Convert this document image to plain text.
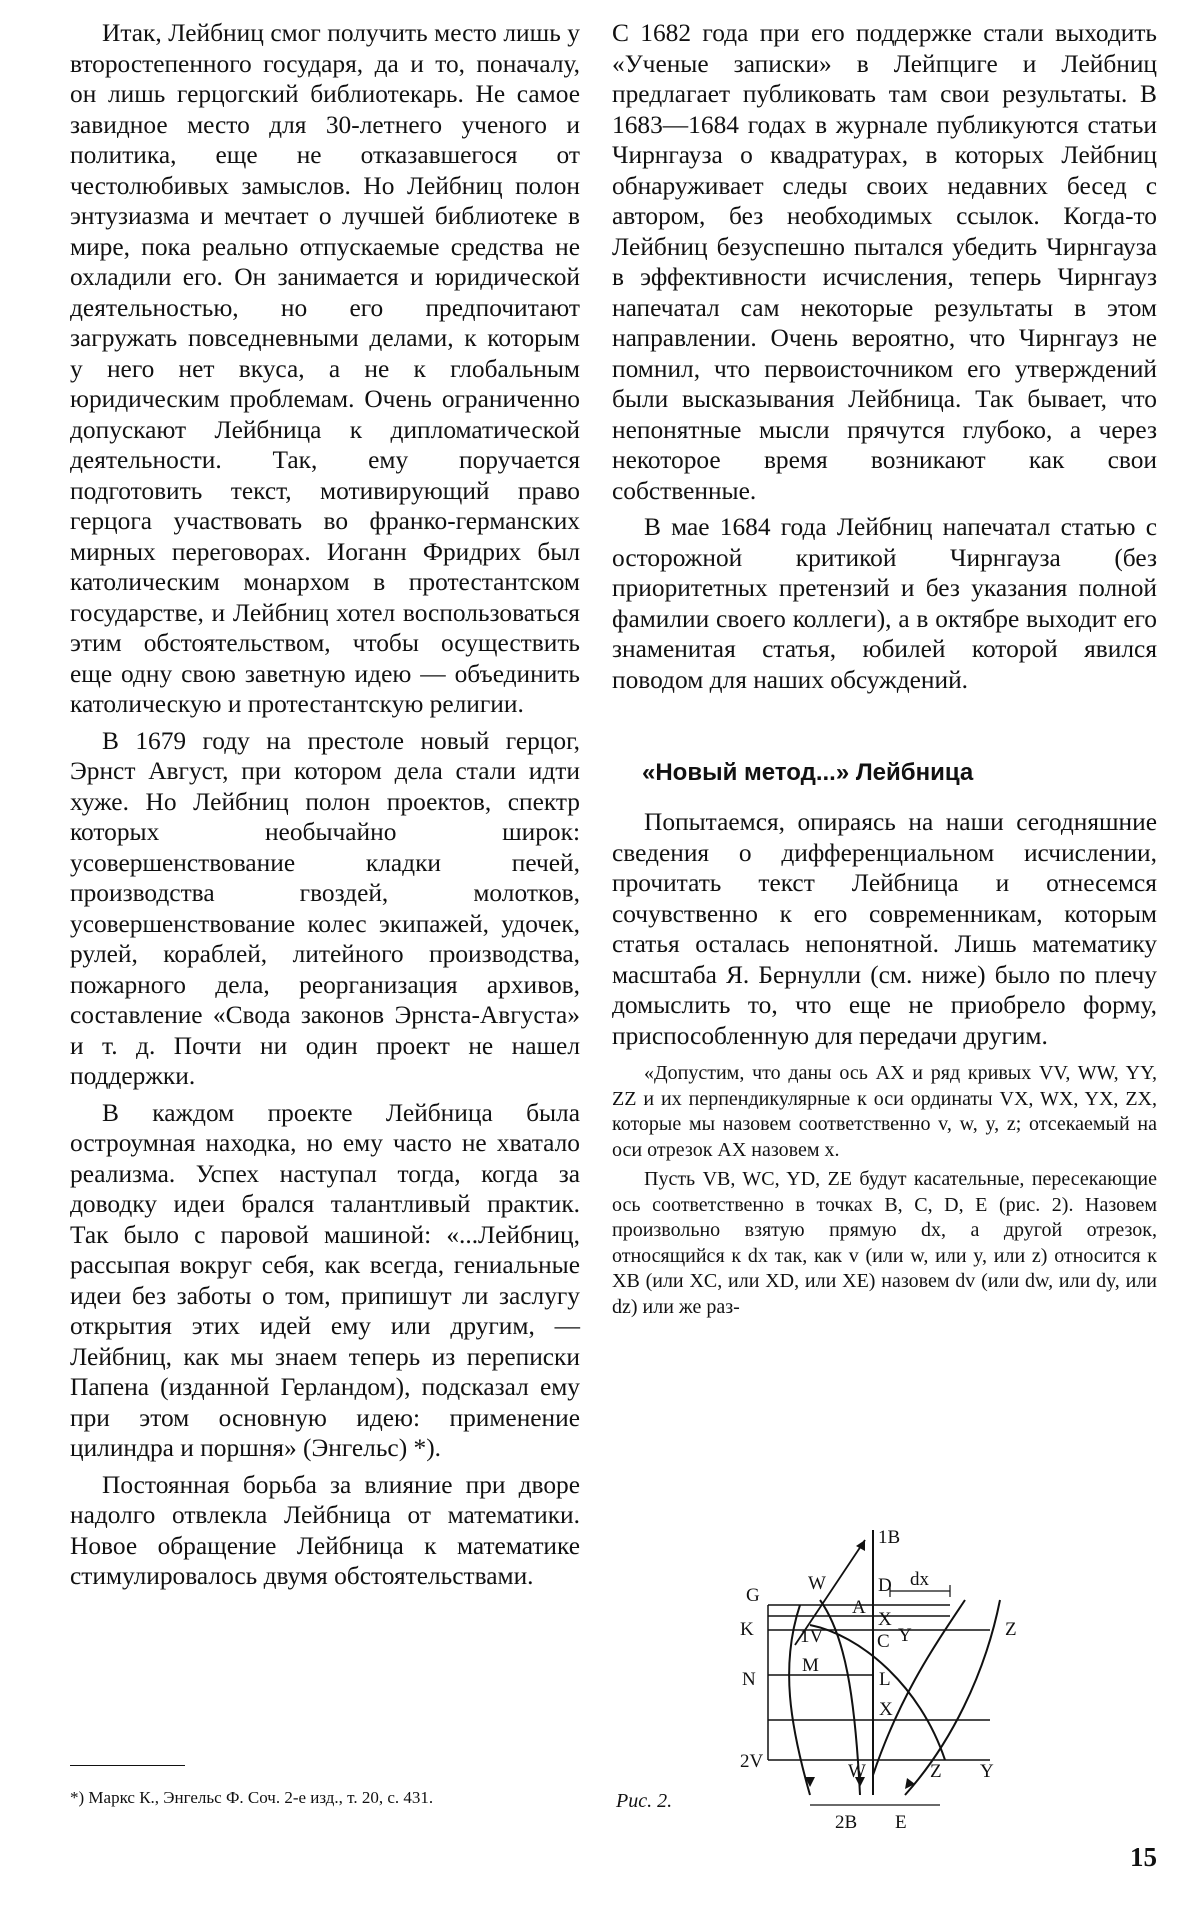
Итак, Лейбниц смог получить место лишь у второстепенного государя, да и то, поначалу, он лишь герцогский библиотекарь. Не самое завидное место для 30-летнего ученого и политика, еще не отказавшегося от честолюбивых замыслов. Но Лейбниц полон энтузиазма и мечтает о лучшей библиотеке в мире, пока реально отпускаемые средства не охладили его. Он занимается и юридической деятельностью, но его предпочитают загружать повседневными делами, к которым у него нет вкуса, а не к глобальным юридическим проблемам. Очень ограниченно допускают Лейбница к дипломатической деятельности. Так, ему поручается подготовить текст, мотивирующий право герцога участвовать во франко-германских мирных переговорах. Иоганн Фридрих был католическим монархом в протестантском государстве, и Лейбниц хотел воспользоваться этим обстоятельством, чтобы осуществить еще одну свою заветную идею — объединить католическую и протестантскую религии.

В 1679 году на престоле новый герцог, Эрнст Август, при котором дела стали идти хуже. Но Лейбниц полон проектов, спектр которых необычайно широк: усовершенствование кладки печей, производства гвоздей, молотков, усовершенствование колес экипажей, удочек, рулей, кораблей, литейного производства, пожарного дела, реорганизация архивов, составление «Свода законов Эрнста-Августа» и т. д. Почти ни один проект не нашел поддержки.

В каждом проекте Лейбница была остроумная находка, но ему часто не хватало реализма. Успех наступал тогда, когда за доводку идеи брался талантливый практик. Так было с паровой машиной: «...Лейбниц, рассыпая вокруг себя, как всегда, гениальные идеи без заботы о том, припишут ли заслугу открытия этих идей ему или другим, — Лейбниц, как мы знаем теперь из переписки Папена (изданной Герландом), подсказал ему при этом основную идею: применение цилиндра и поршня» (Энгельс) *).

Постоянная борьба за влияние при дворе надолго отвлекла Лейбница от математики. Новое обращение Лейбница к математике стимулировалось двумя обстоятельствами.

С 1682 года при его поддержке стали выходить «Ученые записки» в Лейпциге и Лейбниц предлагает публиковать там свои результаты. В 1683—1684 годах в журнале публикуются статьи Чирнгауза о квадратурах, в которых Лейбниц обнаруживает следы своих недавних бесед с автором, без необходимых ссылок. Когда-то Лейбниц безуспешно пытался убедить Чирнгауза в эффективности исчисления, теперь Чирнгауз напечатал сам некоторые результаты в этом направлении. Очень вероятно, что Чирнгауз не помнил, что первоисточником его утверждений были высказывания Лейбница. Так бывает, что непонятные мысли прячутся глубоко, а через некоторое время возникают как свои собственные.

В мае 1684 года Лейбниц напечатал статью с осторожной критикой Чирнгауза (без приоритетных претензий и без указания полной фамилии своего коллеги), а в октябре выходит его знаменитая статья, юбилей которой явился поводом для наших обсуждений.

«Новый метод...» Лейбница

Попытаемся, опираясь на наши сегодняшние сведения о дифференциальном исчислении, прочитать текст Лейбница и отнесемся сочувственно к его современникам, которым статья осталась непонятной. Лишь математику масштаба Я. Бернулли (см. ниже) было по плечу домыслить то, что еще не приобрело форму, приспособленную для передачи другим.

«Допустим, что даны ось AX и ряд кривых VV, WW, YY, ZZ и их перпендикулярные к оси ординаты VX, WX, YX, ZX, которые мы назовем соответственно v, w, y, z; отсекаемый на оси отрезок AX назовем x.

Пусть VB, WC, YD, ZE будут касательные, пересекающие ось соответственно в точках B, C, D, E (рис. 2). Назовем произвольно взятую прямую dx, а другой отрезок, относящийся к dx так, как v (или w, или y, или z) относится к XB (или XC, или XD, или XE) назовем dv (или dw, или dy, или dz) или же раз-

1B
G
W	D dx
A
X
K 1V	C Y	Z
M
N	L
X
2V	W	Z Y
2B E

*) Маркс К., Энгельс Ф. Соч. 2-е изд., т. 20, с. 431.	Рис. 2.

15
